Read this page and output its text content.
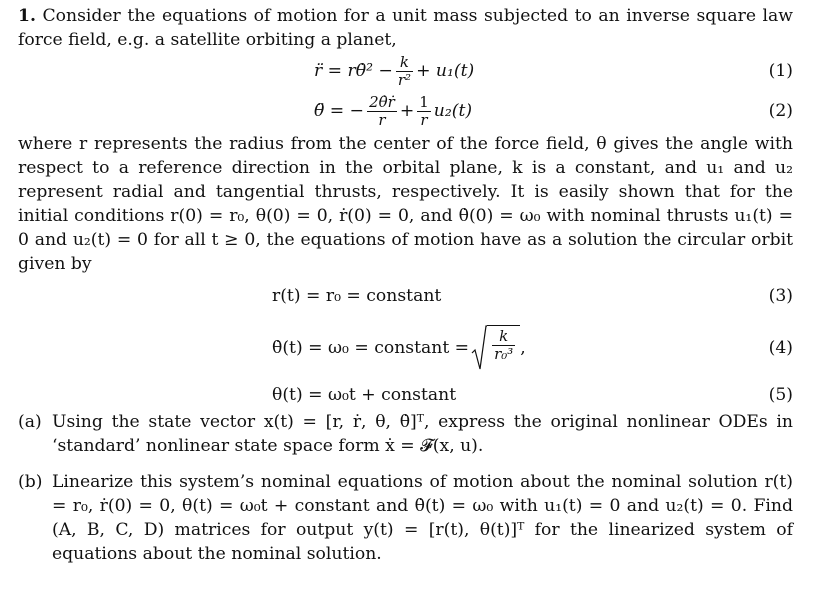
1. Consider the equations of motion for a unit mass subjected to an inverse square law force field, e.g. a satellite orbiting a planet,

r̈ = rθ̇² − $\frac{k}{\text{r²}} + u_1(t)$	(1)
θ̈ = − $\frac{\text{2θ̇ṙ}}{r} + \frac{1}{r} u_2(t)$	(2)

where r represents the radius from the center of the force field, θ gives the angle with respect to a reference direction in the orbital plane, k is a constant, and u₁ and u₂ represent radial and tangential thrusts, respectively. It is easily shown that for the initial conditions r(0) = r₀, θ(0) = 0, ṙ(0) = 0, and θ̇(0) = ω₀ with nominal thrusts u₁(t) = 0 and u₂(t) = 0 for all t ≥ 0, the equations of motion have as a solution the circular orbit given by

r(t) = r₀ = constant	(3)
θ̇(t) = ω₀ = constant = $\frac{k}{\text{r₀³}}$ ,	(4)
θ(t) = ω₀t + constant	(5)
(a) Using the state vector x(t) = [r, ṙ, θ, θ̇]ᵀ, express the original nonlinear ODEs in ‘standard’ nonlinear state space form ẋ = 𝓕(x, u).

(b) Linearize this system’s nominal equations of motion about the nominal solution r(t) = r₀, ṙ(0) = 0, θ(t) = ω₀t + constant and θ̇(t) = ω₀ with u₁(t) = 0 and u₂(t) = 0. Find (A, B, C, D) matrices for output y(t) = [r(t), θ(t)]ᵀ for the linearized system of equations about the nominal solution.
